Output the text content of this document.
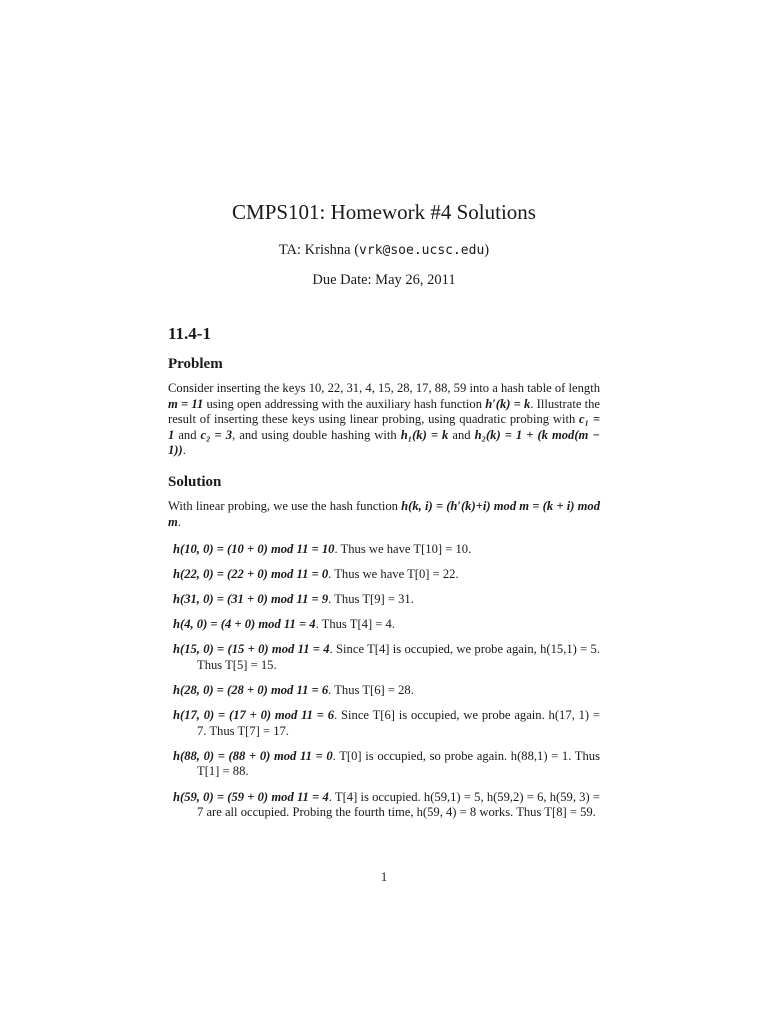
CMPS101: Homework #4 Solutions
TA: Krishna (vrk@soe.ucsc.edu)
Due Date: May 26, 2011
11.4-1
Problem
Consider inserting the keys 10, 22, 31, 4, 15, 28, 17, 88, 59 into a hash table of length m = 11 using open addressing with the auxiliary hash function h′(k) = k. Illustrate the result of inserting these keys using linear probing, using quadratic probing with c₁ = 1 and c₂ = 3, and using double hashing with h₁(k) = k and h₂(k) = 1 + (k mod(m − 1)).
Solution
With linear probing, we use the hash function h(k, i) = (h′(k)+i) mod m = (k + i) mod m.
h(10, 0) = (10 + 0) mod 11 = 10. Thus we have T[10] = 10.
h(22, 0) = (22 + 0) mod 11 = 0. Thus we have T[0] = 22.
h(31, 0) = (31 + 0) mod 11 = 9. Thus T[9] = 31.
h(4, 0) = (4 + 0) mod 11 = 4. Thus T[4] = 4.
h(15, 0) = (15 + 0) mod 11 = 4. Since T[4] is occupied, we probe again, h(15,1) = 5. Thus T[5] = 15.
h(28, 0) = (28 + 0) mod 11 = 6. Thus T[6] = 28.
h(17, 0) = (17 + 0) mod 11 = 6. Since T[6] is occupied, we probe again. h(17, 1) = 7. Thus T[7] = 17.
h(88, 0) = (88 + 0) mod 11 = 0. T[0] is occupied, so probe again. h(88,1) = 1. Thus T[1] = 88.
h(59, 0) = (59 + 0) mod 11 = 4. T[4] is occupied. h(59,1) = 5, h(59,2) = 6, h(59, 3) = 7 are all occupied. Probing the fourth time, h(59, 4) = 8 works. Thus T[8] = 59.
1
